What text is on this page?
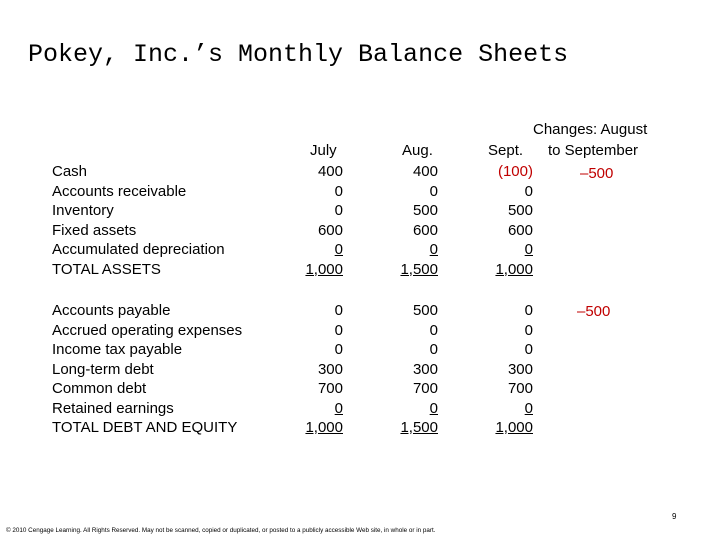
Pokey, Inc.’s Monthly Balance Sheets
Changes: August
July	Aug.	Sept. to September
Cash
Accounts receivable
Inventory
Fixed assets
Accumulated depreciation
TOTAL ASSETS
400
0
0
600
0
1,000
400
0
500
600
0
1,500
(100)
0
500
600
0
1,000
–500
Accounts payable
Accrued operating expenses
Income tax payable
Long-term debt
Common debt
Retained earnings
TOTAL DEBT AND EQUITY
0
0
0
300
700
0
1,000
500
0
0
300
700
0
1,500
0
0
0
300
700
0
1,000
–500
9
© 2010 Cengage Learning. All Rights Reserved. May not be scanned, copied or duplicated, or posted to a publicly accessible Web site, in whole or in part.
